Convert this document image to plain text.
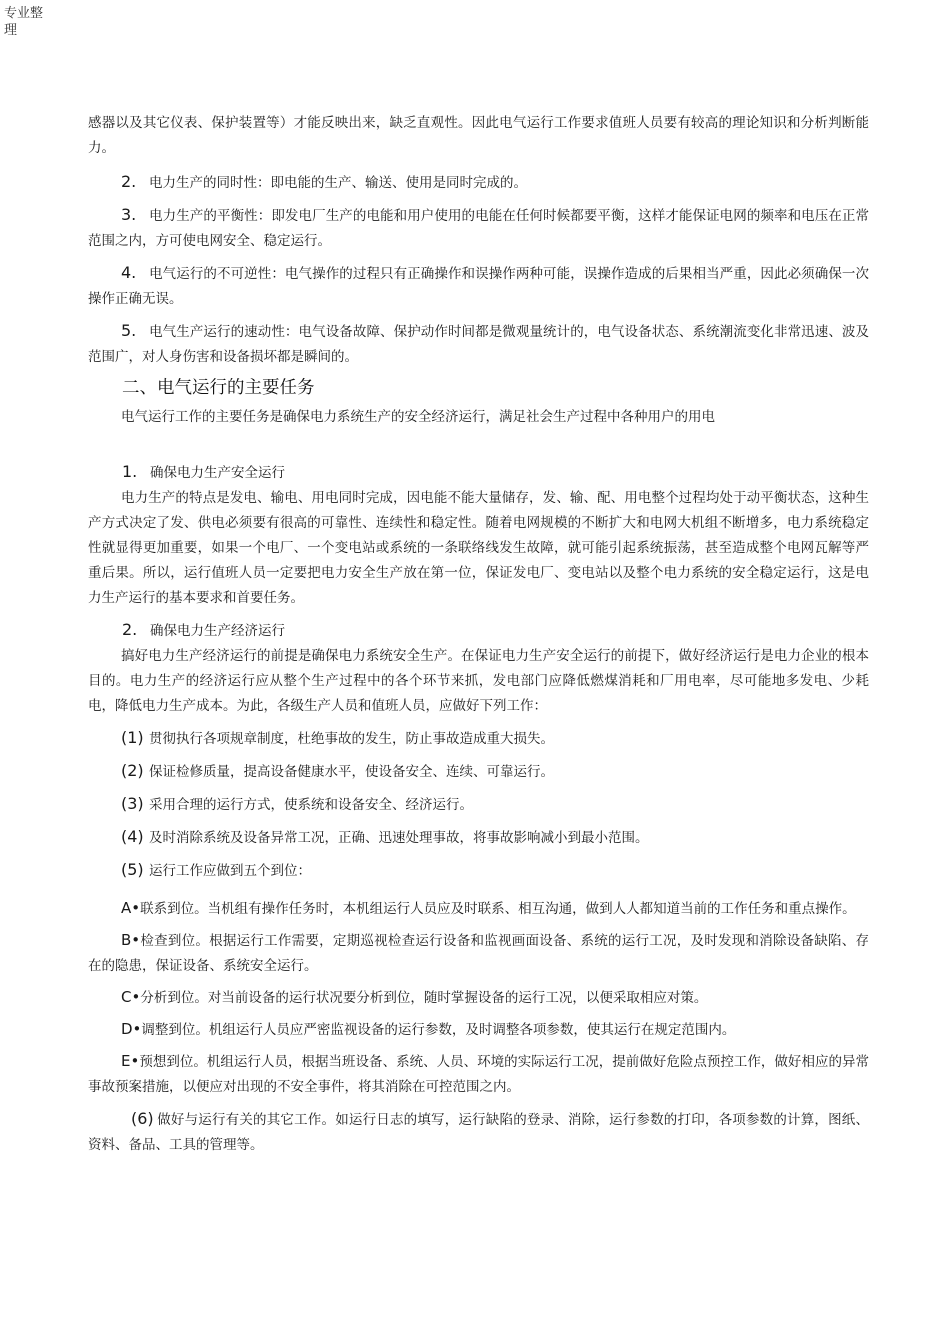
专业整理

感器以及其它仪表、保护装置等）才能反映出来，缺乏直观性。因此电气运行工作要求值班人员要有较高的理论知识和分析判断能力。

2. 电力生产的同时性：即电能的生产、输送、使用是同时完成的。

3. 电力生产的平衡性：即发电厂生产的电能和用户使用的电能在任何时候都要平衡，这样才能保证电网的频率和电压在正常范围之内，方可使电网安全、稳定运行。

4. 电气运行的不可逆性：电气操作的过程只有正确操作和误操作两种可能，误操作造成的后果相当严重，因此必须确保一次操作正确无误。

5. 电气生产运行的速动性：电气设备故障、保护动作时间都是微观量统计的，电气设备状态、系统潮流变化非常迅速、波及范围广，对人身伤害和设备损坏都是瞬间的。

二、电气运行的主要任务

电气运行工作的主要任务是确保电力系统生产的安全经济运行，满足社会生产过程中各种用户的用电

1. 确保电力生产安全运行

电力生产的特点是发电、输电、用电同时完成，因电能不能大量储存，发、输、配、用电整个过程均处于动平衡状态，这种生产方式决定了发、供电必须要有很高的可靠性、连续性和稳定性。随着电网规模的不断扩大和电网大机组不断增多，电力系统稳定性就显得更加重要，如果一个电厂、一个变电站或系统的一条联络线发生故障，就可能引起系统振荡，甚至造成整个电网瓦解等严重后果。所以，运行值班人员一定要把电力安全生产放在第一位，保证发电厂、变电站以及整个电力系统的安全稳定运行，这是电力生产运行的基本要求和首要任务。

2. 确保电力生产经济运行

搞好电力生产经济运行的前提是确保电力系统安全生产。在保证电力生产安全运行的前提下，做好经济运行是电力企业的根本目的。电力生产的经济运行应从整个生产过程中的各个环节来抓，发电部门应降低燃煤消耗和厂用电率，尽可能地多发电、少耗电，降低电力生产成本。为此，各级生产人员和值班人员，应做好下列工作：

(1) 贯彻执行各项规章制度，杜绝事故的发生，防止事故造成重大损失。

(2) 保证检修质量，提高设备健康水平，使设备安全、连续、可靠运行。

(3) 采用合理的运行方式，使系统和设备安全、经济运行。

(4) 及时消除系统及设备异常工况，正确、迅速处理事故，将事故影响减小到最小范围。

(5) 运行工作应做到五个到位：

A•联系到位。当机组有操作任务时，本机组运行人员应及时联系、相互沟通，做到人人都知道当前的工作任务和重点操作。

B•检查到位。根据运行工作需要，定期巡视检查运行设备和监视画面设备、系统的运行工况，及时发现和消除设备缺陷、存在的隐患，保证设备、系统安全运行。

C•分析到位。对当前设备的运行状况要分析到位，随时掌握设备的运行工况，以便采取相应对策。

D•调整到位。机组运行人员应严密监视设备的运行参数，及时调整各项参数，使其运行在规定范围内。

E•预想到位。机组运行人员，根据当班设备、系统、人员、环境的实际运行工况，提前做好危险点预控工作，做好相应的异常事故预案措施，以便应对出现的不安全事件，将其消除在可控范围之内。

(6) 做好与运行有关的其它工作。如运行日志的填写，运行缺陷的登录、消除，运行参数的打印，各项参数的计算，图纸、资料、备品、工具的管理等。
